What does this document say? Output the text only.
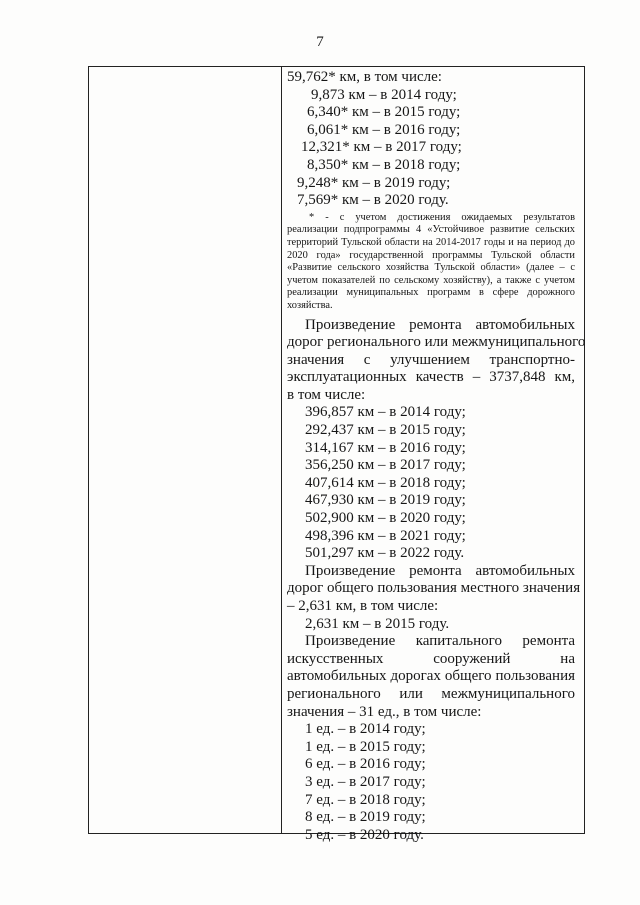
7
59,762* км, в том числе:
9,873 км – в 2014 году;
6,340* км – в 2015 году;
6,061* км – в 2016 году;
12,321* км – в 2017 году;
8,350* км – в 2018 году;
9,248* км – в 2019 году;
7,569* км – в 2020 году.
* - с учетом достижения ожидаемых результатов реализации подпрограммы 4 «Устойчивое развитие сельских территорий Тульской области на 2014-2017 годы и на период до 2020 года» государственной программы Тульской области «Развитие сельского хозяйства Тульской области» (далее – с учетом показателей по сельскому хозяйству), а также с учетом реализации муниципальных программ в сфере дорожного хозяйства.
Произведение ремонта автомобильных
дорог регионального или межмуниципального
значения с улучшением транспортно-
эксплуатационных качеств – 3737,848 км,
в том числе:
396,857 км – в 2014 году;
292,437 км – в 2015 году;
314,167 км – в 2016 году;
356,250 км – в 2017 году;
407,614 км – в 2018 году;
467,930 км – в 2019 году;
502,900 км – в 2020 году;
498,396 км – в 2021 году;
501,297 км – в 2022 году.
Произведение ремонта автомобильных
дорог общего пользования местного значения
– 2,631 км, в том числе:
2,631 км – в 2015 году.
Произведение капитального ремонта
искусственных сооружений на
автомобильных дорогах общего пользования
регионального или межмуниципального
значения – 31 ед., в том числе:
1 ед. – в 2014 году;
1 ед. – в 2015 году;
6 ед. – в 2016 году;
3 ед. – в 2017 году;
7 ед. – в 2018 году;
8 ед. – в 2019 году;
5 ед. – в 2020 году.
